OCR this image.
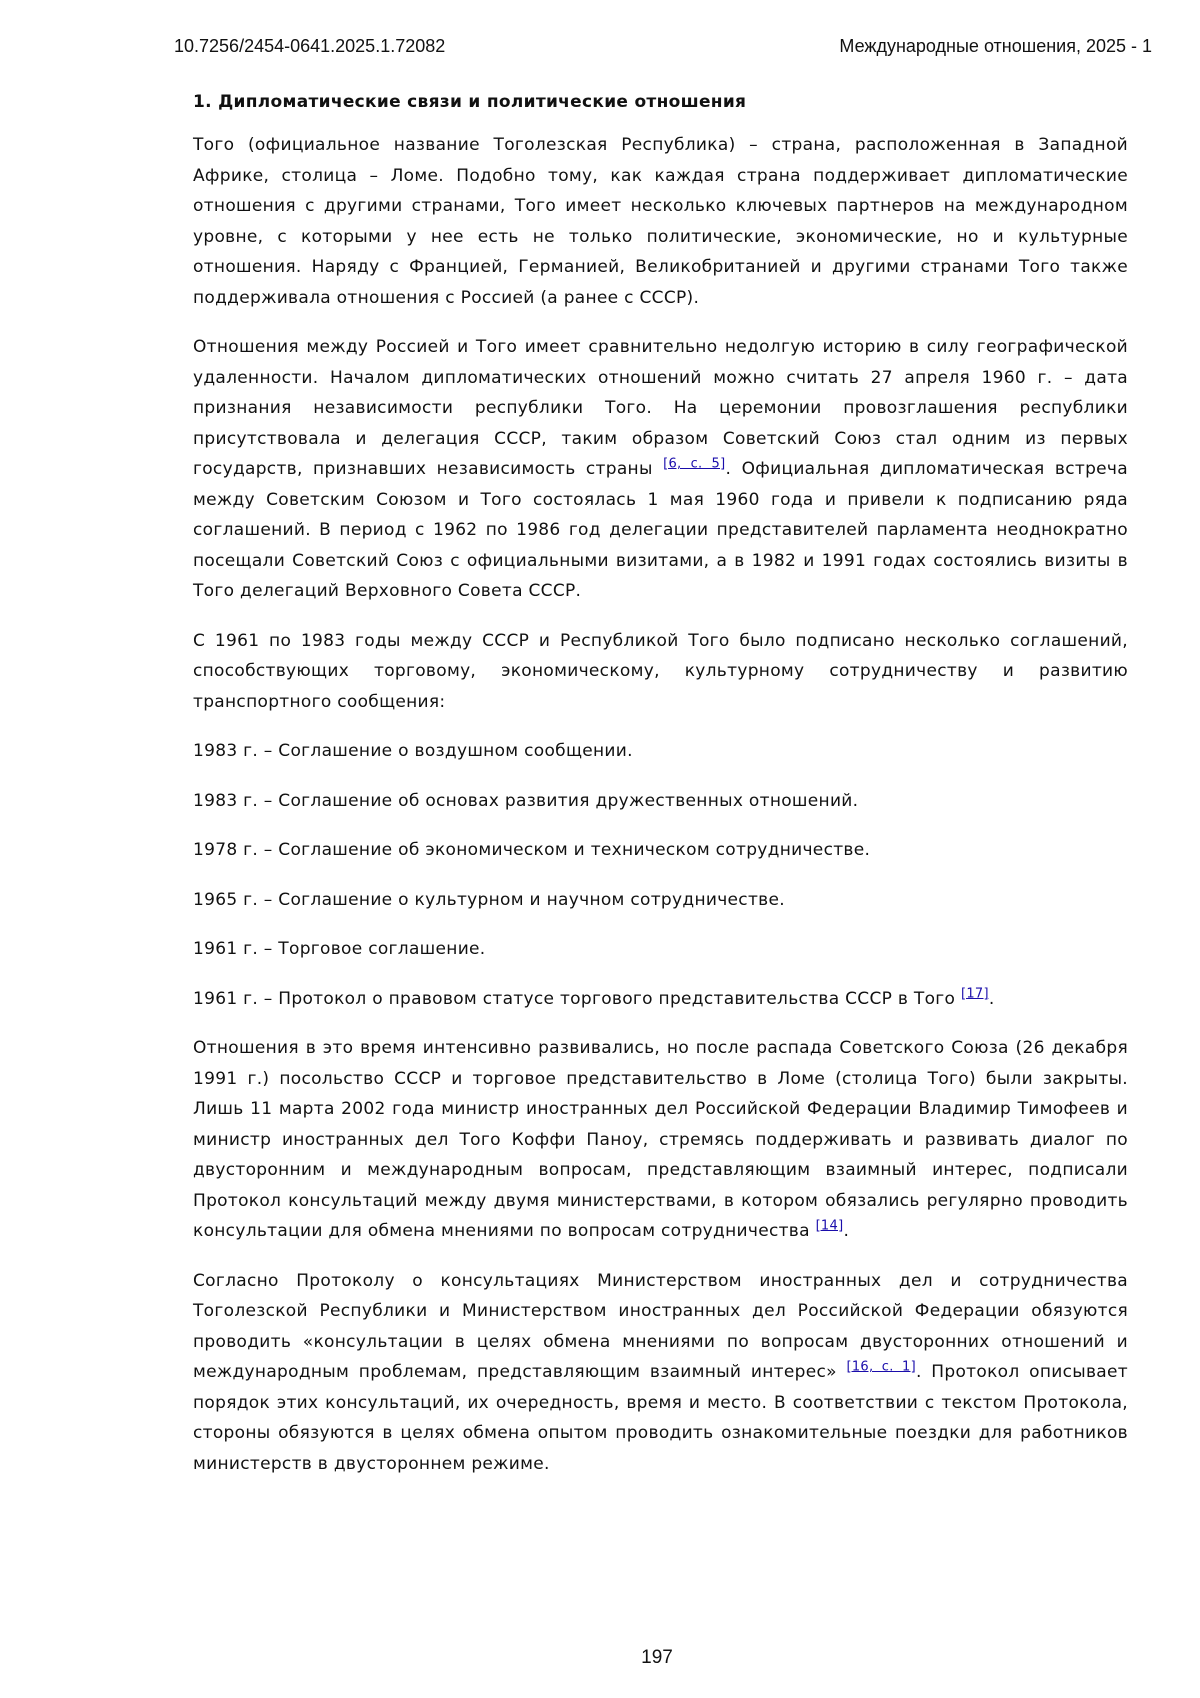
10.7256/2454-0641.2025.1.72082	Международные отношения, 2025 - 1
1. Дипломатические связи и политические отношения

Того (официальное название Тоголезская Республика) – страна, расположенная в Западной Африке, столица – Ломе. Подобно тому, как каждая страна поддерживает дипломатические отношения с другими странами, Того имеет несколько ключевых партнеров на международном уровне, с которыми у нее есть не только политические, экономические, но и культурные отношения. Наряду с Францией, Германией, Великобританией и другими странами Того также поддерживала отношения с Россией (а ранее с СССР).

Отношения между Россией и Того имеет сравнительно недолгую историю в силу географической удаленности. Началом дипломатических отношений можно считать 27 апреля 1960 г. – дата признания независимости республики Того. На церемонии провозглашения республики присутствовала и делегация СССР, таким образом Советский Союз стал одним из первых государств, признавших независимость страны [6, с. 5]. Официальная дипломатическая встреча между Советским Союзом и Того состоялась 1 мая 1960 года и привели к подписанию ряда соглашений. В период с 1962 по 1986 год делегации представителей парламента неоднократно посещали Советский Союз с официальными визитами, а в 1982 и 1991 годах состоялись визиты в Того делегаций Верховного Совета СССР.

С 1961 по 1983 годы между СССР и Республикой Того было подписано несколько соглашений, способствующих торговому, экономическому, культурному сотрудничеству и развитию транспортного сообщения:

1983 г. – Соглашение о воздушном сообщении.

1983 г. – Соглашение об основах развития дружественных отношений.

1978 г. – Соглашение об экономическом и техническом сотрудничестве.

1965 г. – Соглашение о культурном и научном сотрудничестве.

1961 г. – Торговое соглашение.

1961 г. – Протокол о правовом статусе торгового представительства СССР в Того [17].

Отношения в это время интенсивно развивались, но после распада Советского Союза (26 декабря 1991 г.) посольство СССР и торговое представительство в Ломе (столица Того) были закрыты. Лишь 11 марта 2002 года министр иностранных дел Российской Федерации Владимир Тимофеев и министр иностранных дел Того Коффи Паноу, стремясь поддерживать и развивать диалог по двусторонним и международным вопросам, представляющим взаимный интерес, подписали Протокол консультаций между двумя министерствами, в котором обязались регулярно проводить консультации для обмена мнениями по вопросам сотрудничества [14].

Согласно Протоколу о консультациях Министерством иностранных дел и сотрудничества Тоголезской Республики и Министерством иностранных дел Российской Федерации обязуются проводить «консультации в целях обмена мнениями по вопросам двусторонних отношений и международным проблемам, представляющим взаимный интерес» [16, с. 1]. Протокол описывает порядок этих консультаций, их очередность, время и место. В соответствии с текстом Протокола, стороны обязуются в целях обмена опытом проводить ознакомительные поездки для работников министерств в двустороннем режиме.

197
